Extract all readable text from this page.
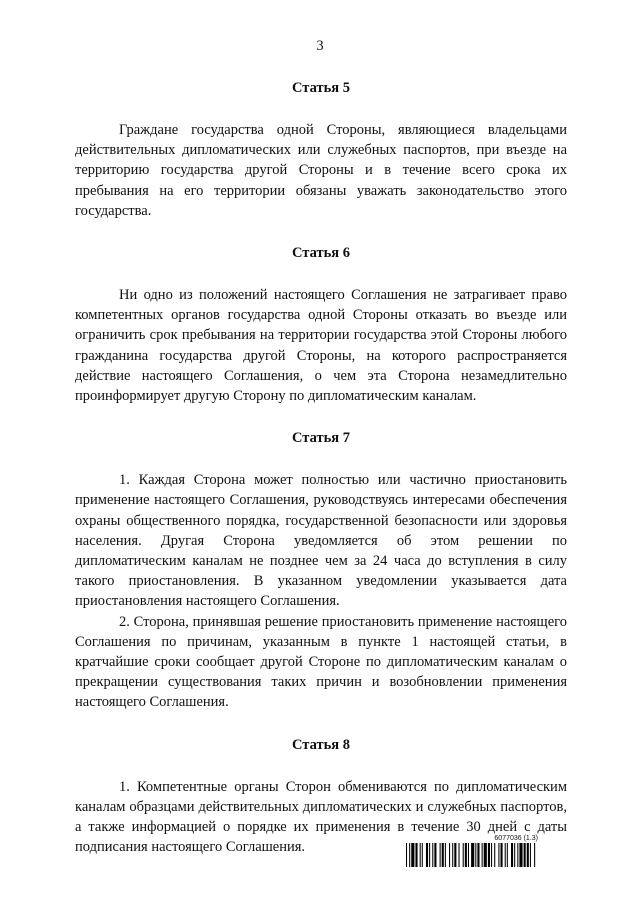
3
Статья 5

Граждане государства одной Стороны, являющиеся владельцами действительных дипломатических или служебных паспортов, при въезде на территорию государства другой Стороны и в течение всего срока их пребывания на его территории обязаны уважать законодательство этого государства.

Статья 6

Ни одно из положений настоящего Соглашения не затрагивает право компетентных органов государства одной Стороны отказать во въезде или ограничить срок пребывания на территории государства этой Стороны любого гражданина государства другой Стороны, на которого распространяется действие настоящего Соглашения, о чем эта Сторона незамедлительно проинформирует другую Сторону по дипломатическим каналам.

Статья 7

1. Каждая Сторона может полностью или частично приостановить применение настоящего Соглашения, руководствуясь интересами обеспечения охраны общественного порядка, государственной безопасности или здоровья населения. Другая Сторона уведомляется об этом решении по дипломатическим каналам не позднее чем за 24 часа до вступления в силу такого приостановления. В указанном уведомлении указывается дата приостановления настоящего Соглашения.

2. Сторона, принявшая решение приостановить применение настоящего Соглашения по причинам, указанным в пункте 1 настоящей статьи, в кратчайшие сроки сообщает другой Стороне по дипломатическим каналам о прекращении существования таких причин и возобновлении применения настоящего Соглашения.

Статья 8

1. Компетентные органы Сторон обмениваются по дипломатическим каналам образцами действительных дипломатических и служебных паспортов, а также информацией о порядке их применения в течение 30 дней с даты подписания настоящего Соглашения.

6077036 (1.3)
